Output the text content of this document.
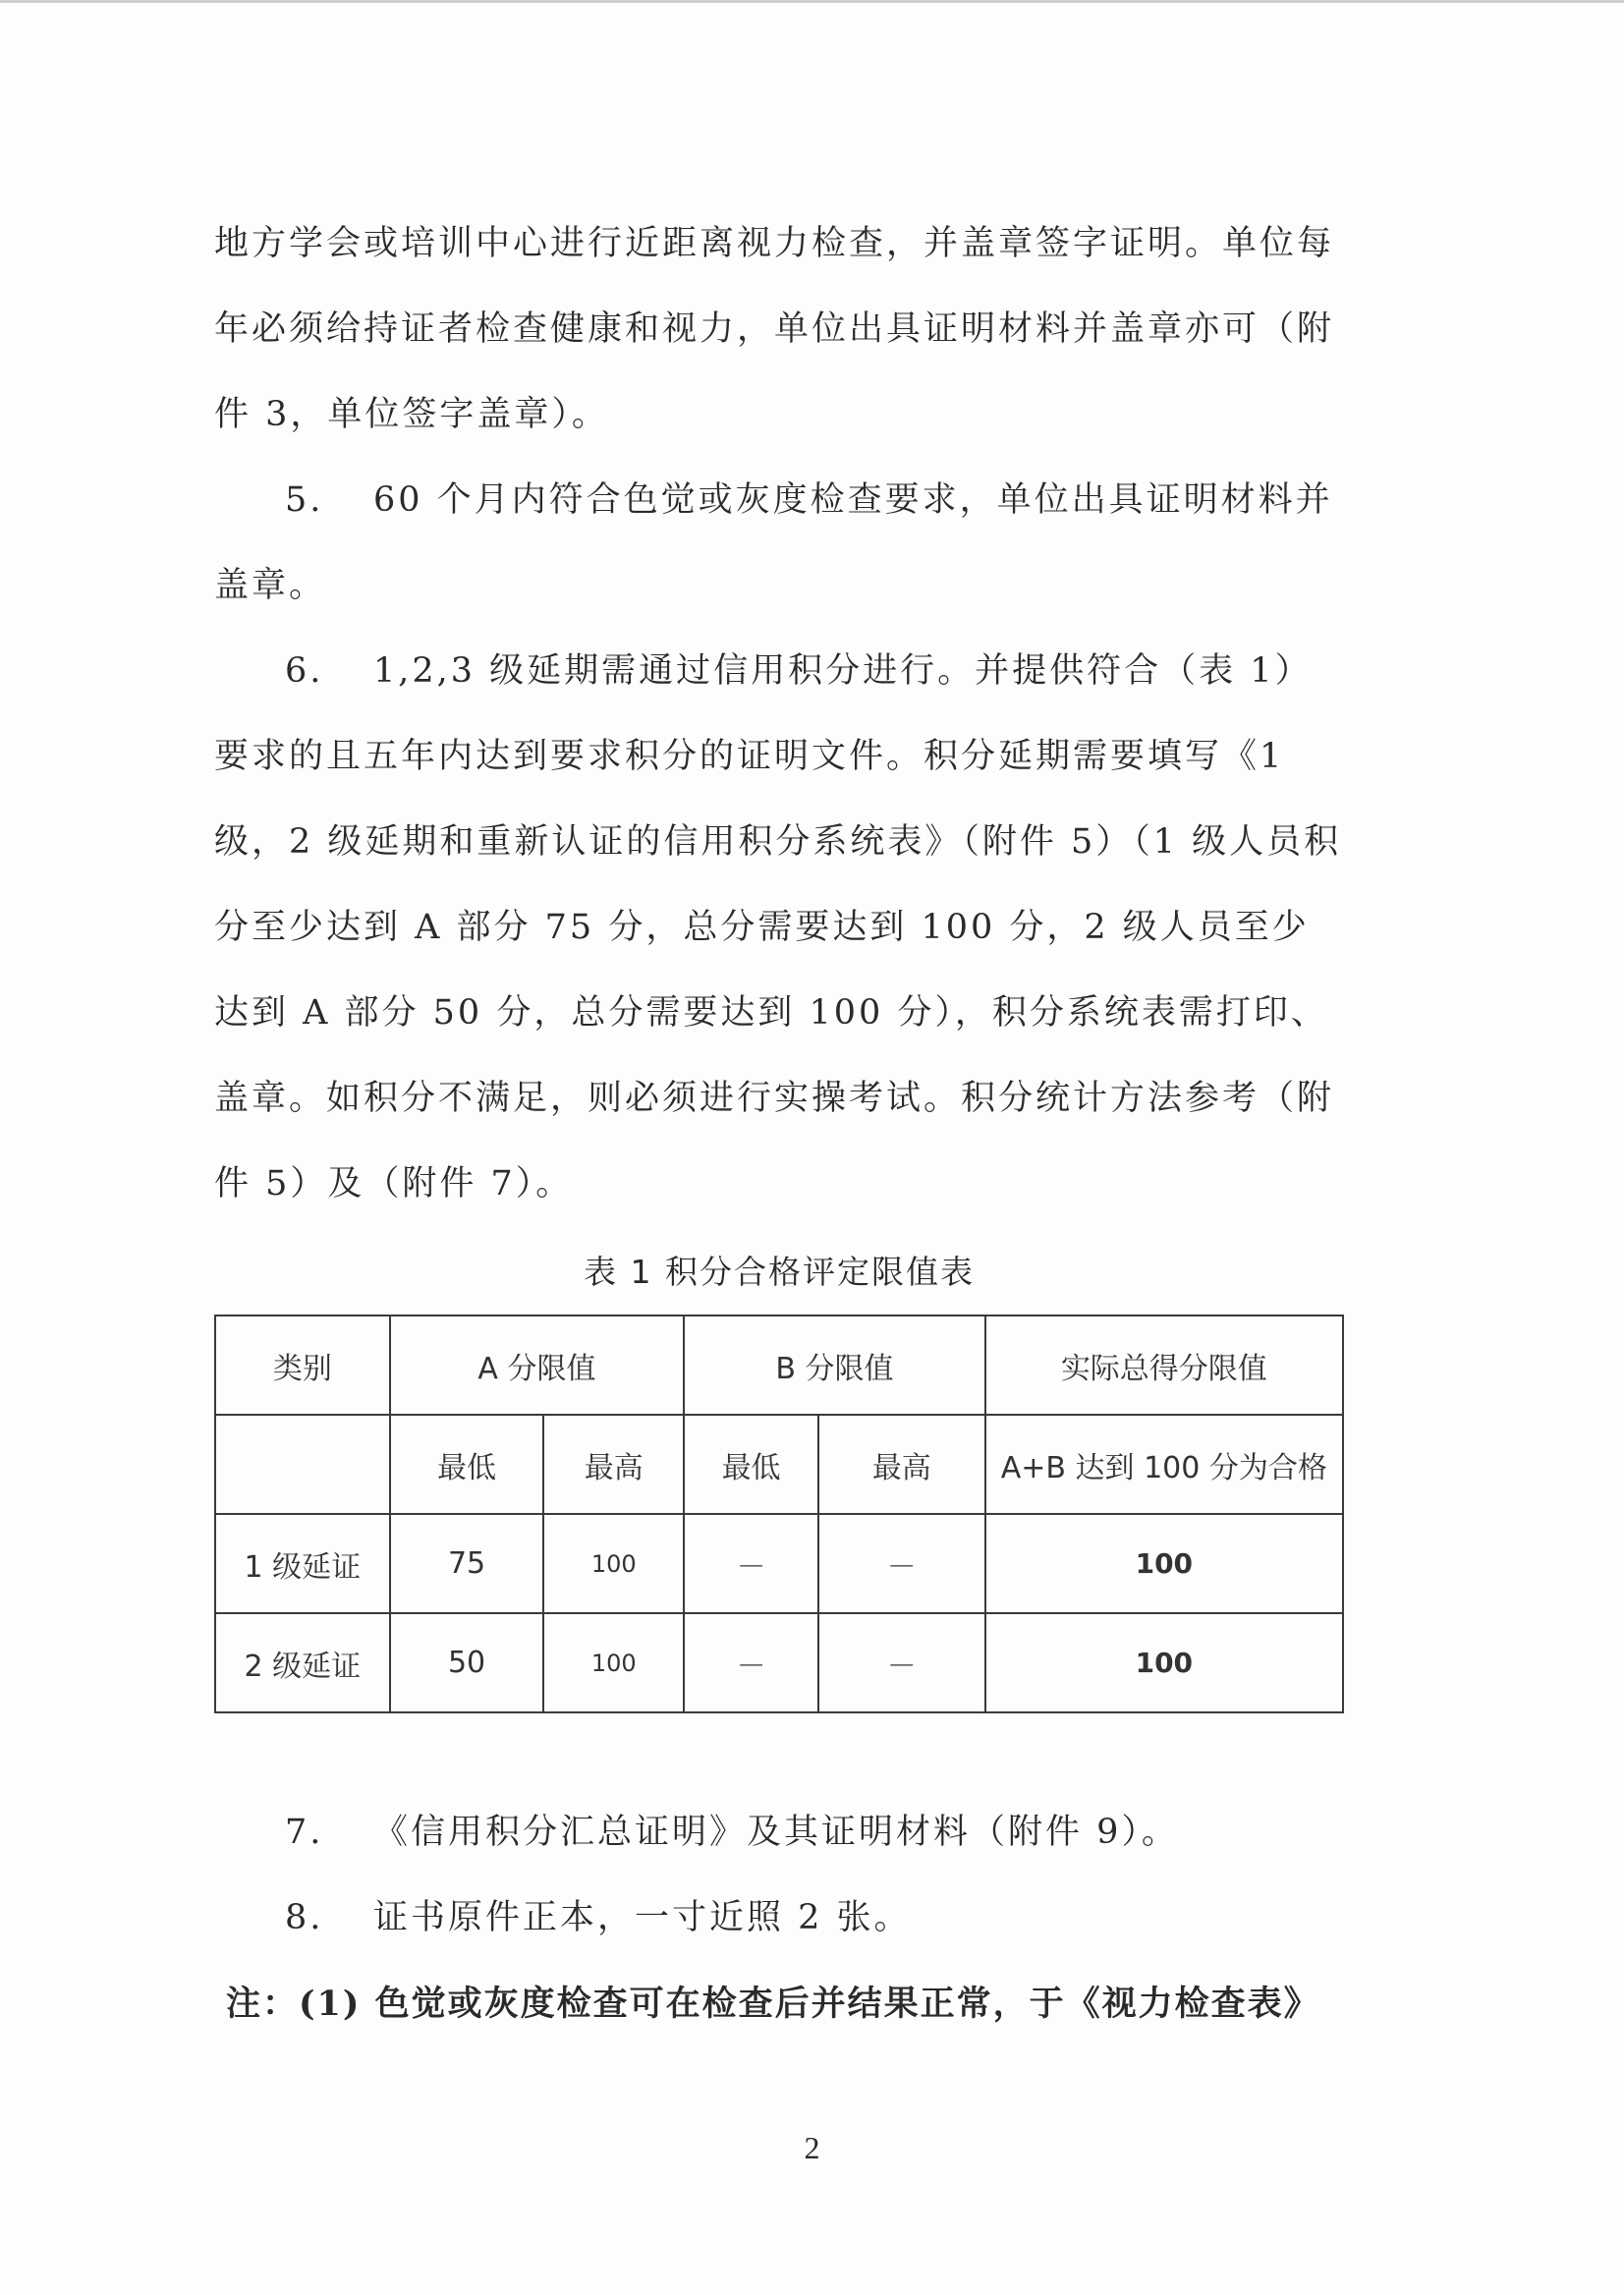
地方学会或培训中心进行近距离视力检查，并盖章签字证明。单位每年必须给持证者检查健康和视力，单位出具证明材料并盖章亦可（附件 3，单位签字盖章）。

5. 60 个月内符合色觉或灰度检查要求，单位出具证明材料并盖章。

6. 1,2,3 级延期需通过信用积分进行。并提供符合（表 1）要求的且五年内达到要求积分的证明文件。积分延期需要填写《1 级，2 级延期和重新认证的信用积分系统表》（附件 5）（1 级人员积分至少达到 A 部分 75 分，总分需要达到 100 分，2 级人员至少达到 A 部分 50 分，总分需要达到 100 分），积分系统表需打印、盖章。如积分不满足，则必须进行实操考试。积分统计方法参考（附件 5）及（附件 7）。

表 1 积分合格评定限值表
类别	A 分限值		B 分限值		实际总得分限值
	最低	最高	最低	最高	A+B 达到 100 分为合格
1 级延证	75	100	－	－	100
2 级延证	50	100	－	－	100

7. 《信用积分汇总证明》及其证明材料（附件 9）。

8. 证书原件正本，一寸近照 2 张。

注：(1) 色觉或灰度检查可在检查后并结果正常，于《视力检查表》

2
